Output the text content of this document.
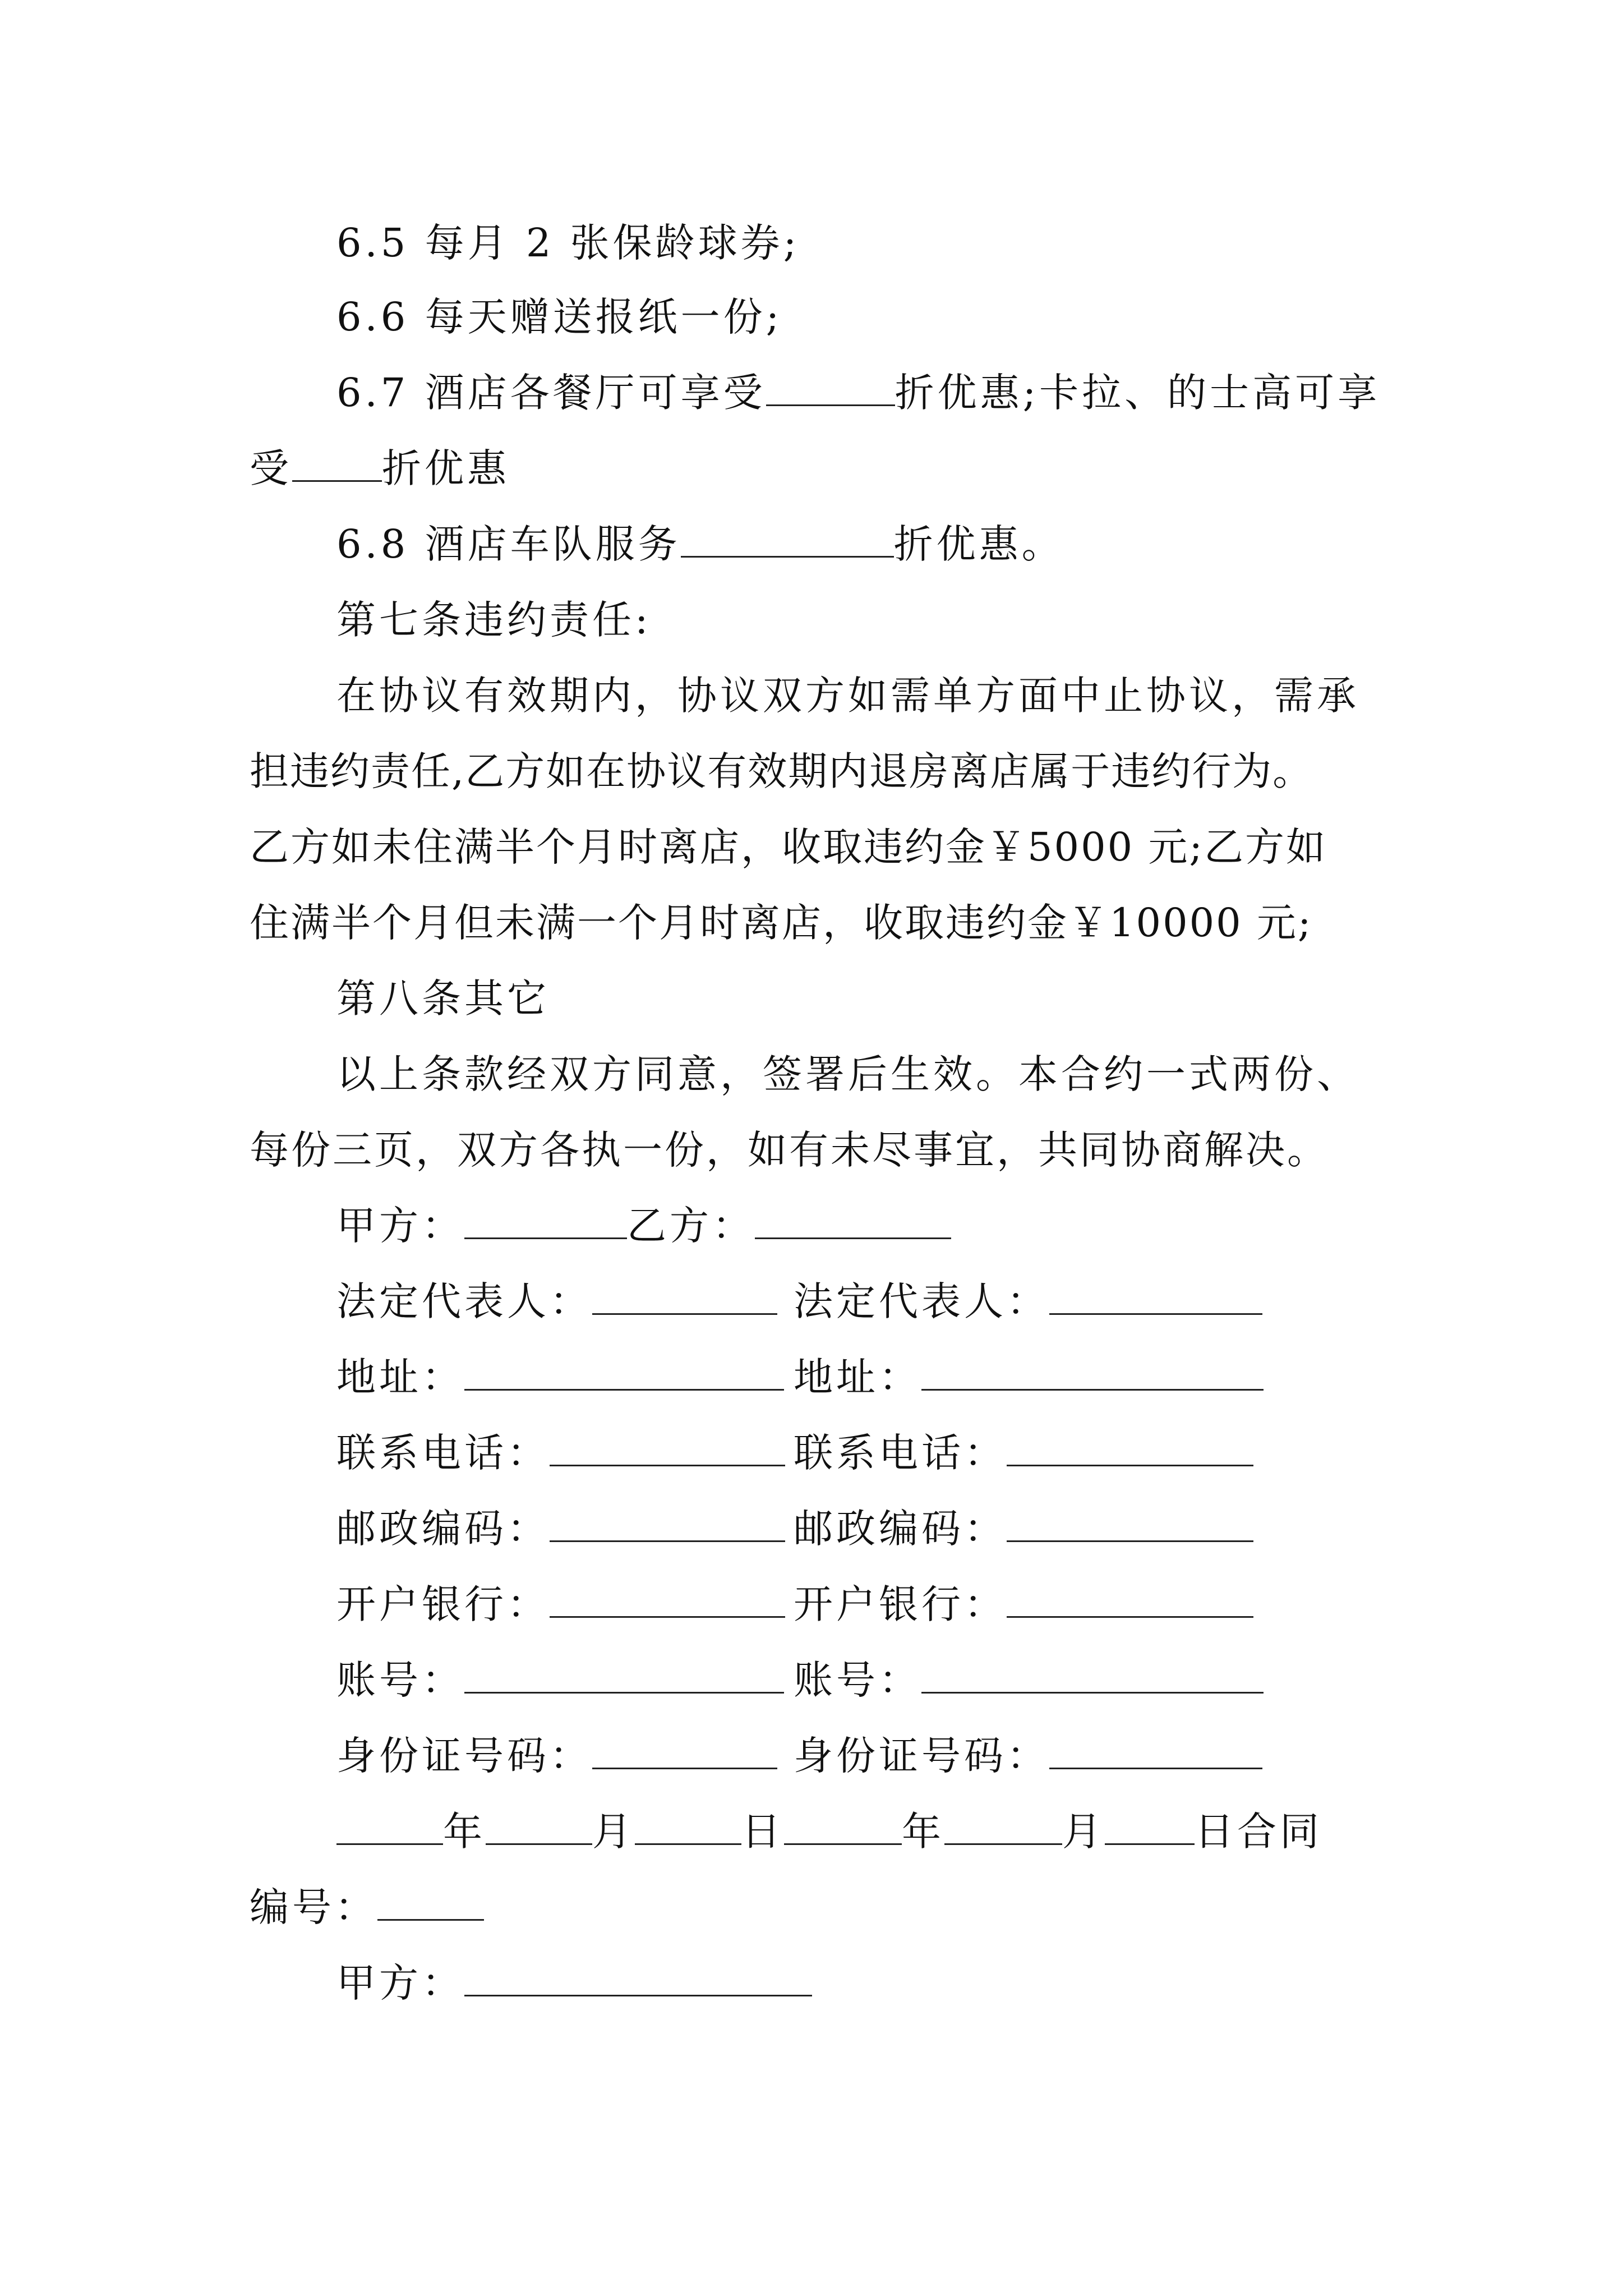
6.5 每月 2 张保龄球券;
6.6 每天赠送报纸一份;
6.7 酒店各餐厅可享受	折优惠;卡拉、的士高可享
受 折优惠
6.8 酒店车队服务	折优惠。
第七条违约责任:
在协议有效期内，协议双方如需单方面中止协议，需承
担违约责任,乙方如在协议有效期内退房离店属于违约行为。
乙方如未住满半个月时离店，收取违约金￥5000 元;乙方如
住满半个月但未满一个月时离店，收取违约金￥10000 元;
第八条其它
以上条款经双方同意，签署后生效。本合约一式两份、
每份三页，双方各执一份，如有未尽事宜，共同协商解决。
甲方：	乙方：
法定代表人：	法定代表人：
地址：	地址：
联系电话：	联系电话：
邮政编码：	邮政编码：
开户银行：	开户银行：
账号：	账号：
身份证号码：	身份证号码：
年	月	日	年	月 日合同
编号：
甲方：
